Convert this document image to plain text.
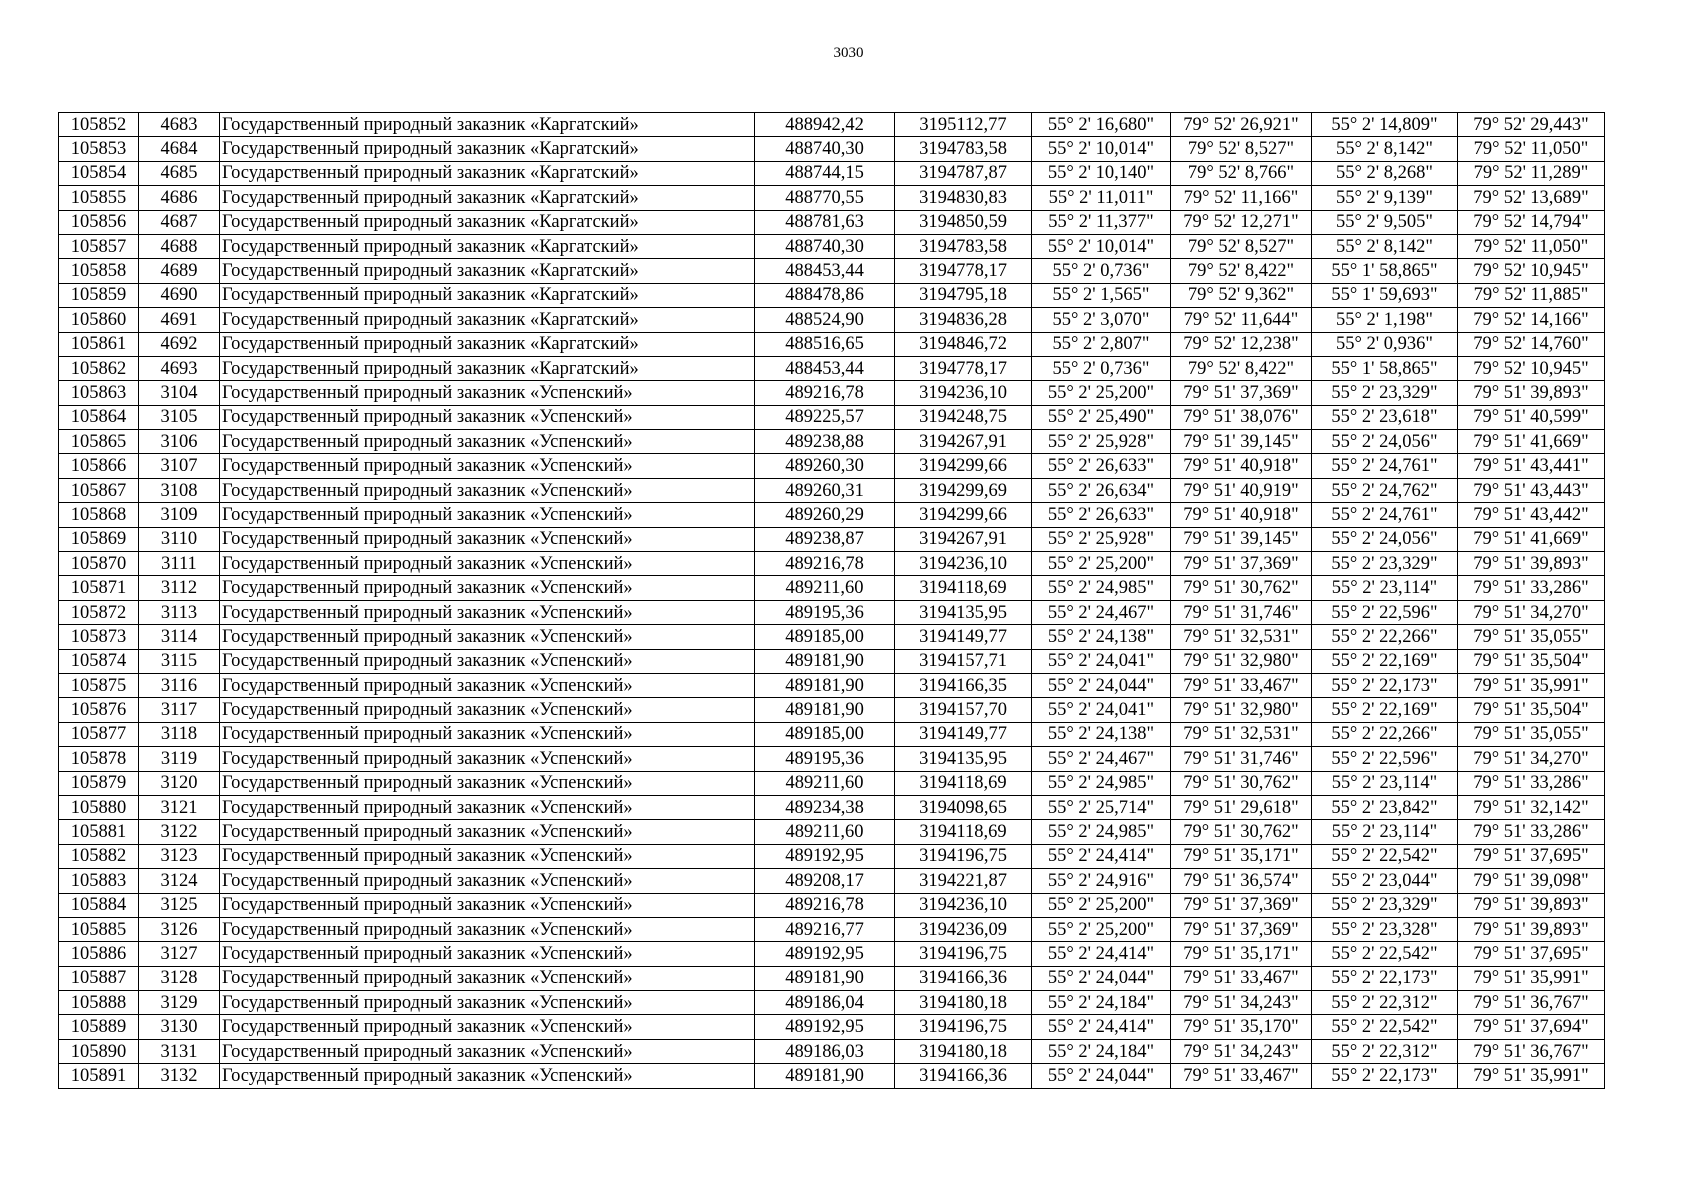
3030
105852	4683	Государственный природный заказник «Каргатский»	488942,42	3195112,77	55° 2' 16,680"	79° 52' 26,921"	55° 2' 14,809"	79° 52' 29,443"
105853	4684	Государственный природный заказник «Каргатский»	488740,30	3194783,58	55° 2' 10,014"	79° 52' 8,527"	55° 2' 8,142"	79° 52' 11,050"
105854	4685	Государственный природный заказник «Каргатский»	488744,15	3194787,87	55° 2' 10,140"	79° 52' 8,766"	55° 2' 8,268"	79° 52' 11,289"
105855	4686	Государственный природный заказник «Каргатский»	488770,55	3194830,83	55° 2' 11,011"	79° 52' 11,166"	55° 2' 9,139"	79° 52' 13,689"
105856	4687	Государственный природный заказник «Каргатский»	488781,63	3194850,59	55° 2' 11,377"	79° 52' 12,271"	55° 2' 9,505"	79° 52' 14,794"
105857	4688	Государственный природный заказник «Каргатский»	488740,30	3194783,58	55° 2' 10,014"	79° 52' 8,527"	55° 2' 8,142"	79° 52' 11,050"
105858	4689	Государственный природный заказник «Каргатский»	488453,44	3194778,17	55° 2' 0,736"	79° 52' 8,422"	55° 1' 58,865"	79° 52' 10,945"
105859	4690	Государственный природный заказник «Каргатский»	488478,86	3194795,18	55° 2' 1,565"	79° 52' 9,362"	55° 1' 59,693"	79° 52' 11,885"
105860	4691	Государственный природный заказник «Каргатский»	488524,90	3194836,28	55° 2' 3,070"	79° 52' 11,644"	55° 2' 1,198"	79° 52' 14,166"
105861	4692	Государственный природный заказник «Каргатский»	488516,65	3194846,72	55° 2' 2,807"	79° 52' 12,238"	55° 2' 0,936"	79° 52' 14,760"
105862	4693	Государственный природный заказник «Каргатский»	488453,44	3194778,17	55° 2' 0,736"	79° 52' 8,422"	55° 1' 58,865"	79° 52' 10,945"
105863	3104	Государственный природный заказник «Успенский»	489216,78	3194236,10	55° 2' 25,200"	79° 51' 37,369"	55° 2' 23,329"	79° 51' 39,893"
105864	3105	Государственный природный заказник «Успенский»	489225,57	3194248,75	55° 2' 25,490"	79° 51' 38,076"	55° 2' 23,618"	79° 51' 40,599"
105865	3106	Государственный природный заказник «Успенский»	489238,88	3194267,91	55° 2' 25,928"	79° 51' 39,145"	55° 2' 24,056"	79° 51' 41,669"
105866	3107	Государственный природный заказник «Успенский»	489260,30	3194299,66	55° 2' 26,633"	79° 51' 40,918"	55° 2' 24,761"	79° 51' 43,441"
105867	3108	Государственный природный заказник «Успенский»	489260,31	3194299,69	55° 2' 26,634"	79° 51' 40,919"	55° 2' 24,762"	79° 51' 43,443"
105868	3109	Государственный природный заказник «Успенский»	489260,29	3194299,66	55° 2' 26,633"	79° 51' 40,918"	55° 2' 24,761"	79° 51' 43,442"
105869	3110	Государственный природный заказник «Успенский»	489238,87	3194267,91	55° 2' 25,928"	79° 51' 39,145"	55° 2' 24,056"	79° 51' 41,669"
105870	3111	Государственный природный заказник «Успенский»	489216,78	3194236,10	55° 2' 25,200"	79° 51' 37,369"	55° 2' 23,329"	79° 51' 39,893"
105871	3112	Государственный природный заказник «Успенский»	489211,60	3194118,69	55° 2' 24,985"	79° 51' 30,762"	55° 2' 23,114"	79° 51' 33,286"
105872	3113	Государственный природный заказник «Успенский»	489195,36	3194135,95	55° 2' 24,467"	79° 51' 31,746"	55° 2' 22,596"	79° 51' 34,270"
105873	3114	Государственный природный заказник «Успенский»	489185,00	3194149,77	55° 2' 24,138"	79° 51' 32,531"	55° 2' 22,266"	79° 51' 35,055"
105874	3115	Государственный природный заказник «Успенский»	489181,90	3194157,71	55° 2' 24,041"	79° 51' 32,980"	55° 2' 22,169"	79° 51' 35,504"
105875	3116	Государственный природный заказник «Успенский»	489181,90	3194166,35	55° 2' 24,044"	79° 51' 33,467"	55° 2' 22,173"	79° 51' 35,991"
105876	3117	Государственный природный заказник «Успенский»	489181,90	3194157,70	55° 2' 24,041"	79° 51' 32,980"	55° 2' 22,169"	79° 51' 35,504"
105877	3118	Государственный природный заказник «Успенский»	489185,00	3194149,77	55° 2' 24,138"	79° 51' 32,531"	55° 2' 22,266"	79° 51' 35,055"
105878	3119	Государственный природный заказник «Успенский»	489195,36	3194135,95	55° 2' 24,467"	79° 51' 31,746"	55° 2' 22,596"	79° 51' 34,270"
105879	3120	Государственный природный заказник «Успенский»	489211,60	3194118,69	55° 2' 24,985"	79° 51' 30,762"	55° 2' 23,114"	79° 51' 33,286"
105880	3121	Государственный природный заказник «Успенский»	489234,38	3194098,65	55° 2' 25,714"	79° 51' 29,618"	55° 2' 23,842"	79° 51' 32,142"
105881	3122	Государственный природный заказник «Успенский»	489211,60	3194118,69	55° 2' 24,985"	79° 51' 30,762"	55° 2' 23,114"	79° 51' 33,286"
105882	3123	Государственный природный заказник «Успенский»	489192,95	3194196,75	55° 2' 24,414"	79° 51' 35,171"	55° 2' 22,542"	79° 51' 37,695"
105883	3124	Государственный природный заказник «Успенский»	489208,17	3194221,87	55° 2' 24,916"	79° 51' 36,574"	55° 2' 23,044"	79° 51' 39,098"
105884	3125	Государственный природный заказник «Успенский»	489216,78	3194236,10	55° 2' 25,200"	79° 51' 37,369"	55° 2' 23,329"	79° 51' 39,893"
105885	3126	Государственный природный заказник «Успенский»	489216,77	3194236,09	55° 2' 25,200"	79° 51' 37,369"	55° 2' 23,328"	79° 51' 39,893"
105886	3127	Государственный природный заказник «Успенский»	489192,95	3194196,75	55° 2' 24,414"	79° 51' 35,171"	55° 2' 22,542"	79° 51' 37,695"
105887	3128	Государственный природный заказник «Успенский»	489181,90	3194166,36	55° 2' 24,044"	79° 51' 33,467"	55° 2' 22,173"	79° 51' 35,991"
105888	3129	Государственный природный заказник «Успенский»	489186,04	3194180,18	55° 2' 24,184"	79° 51' 34,243"	55° 2' 22,312"	79° 51' 36,767"
105889	3130	Государственный природный заказник «Успенский»	489192,95	3194196,75	55° 2' 24,414"	79° 51' 35,170"	55° 2' 22,542"	79° 51' 37,694"
105890	3131	Государственный природный заказник «Успенский»	489186,03	3194180,18	55° 2' 24,184"	79° 51' 34,243"	55° 2' 22,312"	79° 51' 36,767"
105891	3132	Государственный природный заказник «Успенский»	489181,90	3194166,36	55° 2' 24,044"	79° 51' 33,467"	55° 2' 22,173"	79° 51' 35,991"
